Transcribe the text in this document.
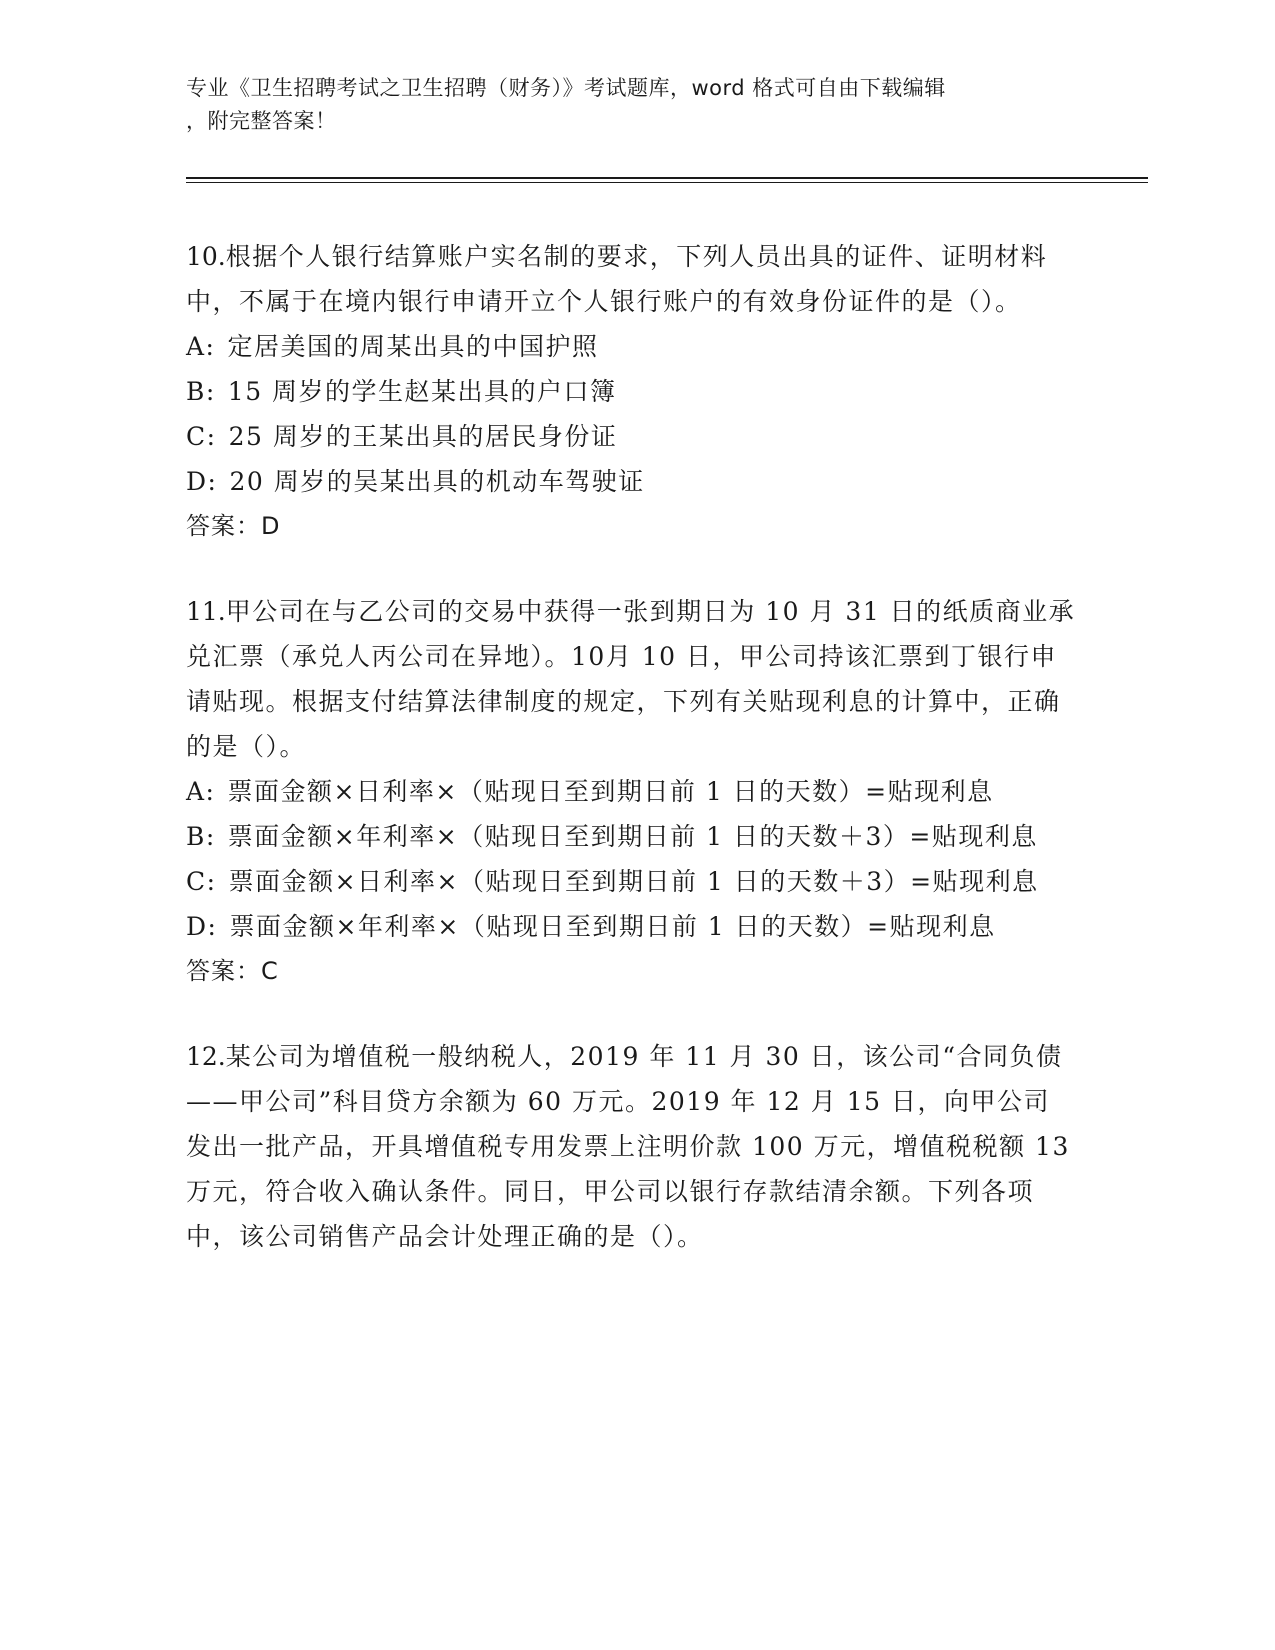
专业《卫生招聘考试之卫生招聘（财务）》考试题库，word 格式可自由下载编辑
，附完整答案！

10.根据个人银行结算账户实名制的要求，下列人员出具的证件、证明材料中，不属于在境内银行申请开立个人银行账户的有效身份证件的是（）。

A: 定居美国的周某出具的中国护照

B: 15 周岁的学生赵某出具的户口簿

C: 25 周岁的王某出具的居民身份证

D: 20 周岁的吴某出具的机动车驾驶证

答案：D

11.甲公司在与乙公司的交易中获得一张到期日为 10 月 31 日的纸质商业承兑汇票（承兑人丙公司在异地）。10月 10 日，甲公司持该汇票到丁银行申请贴现。根据支付结算法律制度的规定，下列有关贴现利息的计算中，正确的是（）。

A: 票面金额×日利率×（贴现日至到期日前 1 日的天数）=贴现利息

B: 票面金额×年利率×（贴现日至到期日前 1 日的天数＋3）=贴现利息

C: 票面金额×日利率×（贴现日至到期日前 1 日的天数＋3）=贴现利息

D: 票面金额×年利率×（贴现日至到期日前 1 日的天数）=贴现利息

答案：C

12.某公司为增值税一般纳税人，2019 年 11 月 30 日，该公司“合同负债——甲公司”科目贷方余额为 60 万元。2019 年 12 月 15 日，向甲公司发出一批产品，开具增值税专用发票上注明价款 100 万元，增值税税额 13 万元，符合收入确认条件。同日，甲公司以银行存款结清余额。下列各项中，该公司销售产品会计处理正确的是（）。
